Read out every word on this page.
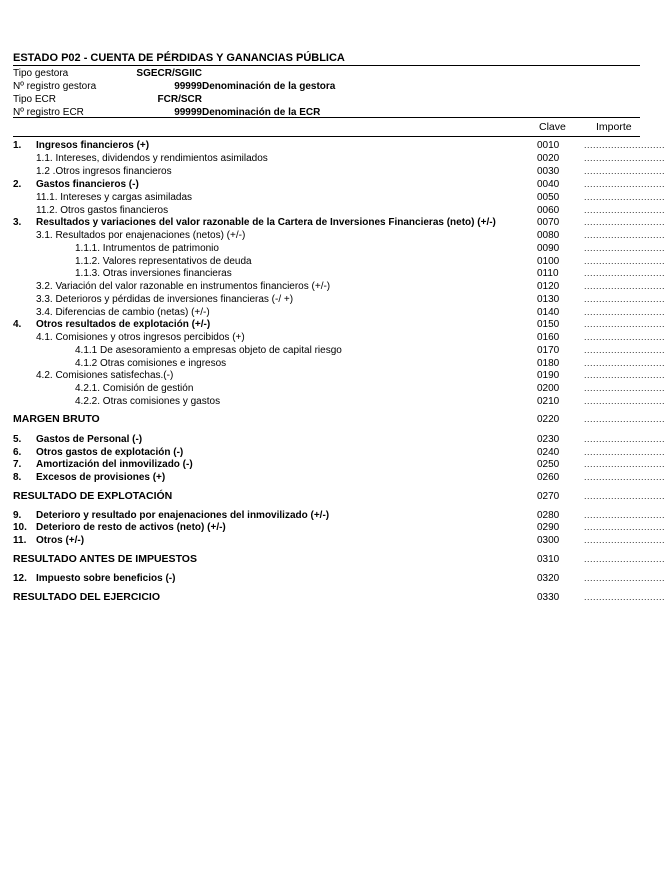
ESTADO P02 - CUENTA DE PÉRDIDAS Y GANANCIAS PÚBLICA
Tipo gestora	SGECR/SGIIC
Nº registro gestora	99999 Denominación de la gestora
Tipo ECR	FCR/SCR
Nº registro ECR	99999 Denominación de la ECR
Clave	Importe
1. Ingresos financieros (+)	0010	...........................
1.1. Intereses, dividendos y rendimientos asimilados	0020	...........................
1.2 .Otros ingresos financieros	0030	...........................
2. Gastos financieros (-)	0040	...........................
11.1. Intereses y cargas asimiladas	0050	...........................
11.2. Otros gastos financieros	0060	...........................
3. Resultados y variaciones del valor razonable de la Cartera de Inversiones Financieras (neto) (+/-)	0070	...........................
3.1. Resultados por enajenaciones (netos) (+/-)	0080	...........................
1.1.1. Intrumentos de patrimonio	0090	...........................
1.1.2. Valores representativos de deuda	0100	...........................
1.1.3. Otras inversiones financieras	0110	...........................
3.2. Variación del valor razonable en instrumentos financieros (+/-)	0120	...........................
3.3. Deterioros y pérdidas de inversiones financieras (-/ +)	0130	...........................
3.4. Diferencias de cambio (netas) (+/-)	0140	...........................
4. Otros resultados de explotación (+/-)	0150	...........................
4.1. Comisiones y otros ingresos percibidos (+)	0160	...........................
4.1.1 De asesoramiento a empresas objeto de capital riesgo	0170	...........................
4.1.2 Otras comisiones e ingresos	0180	...........................
4.2. Comisiones satisfechas.(-)	0190	...........................
4.2.1. Comisión de gestión	0200	...........................
4.2.2. Otras comisiones y gastos	0210	...........................
MARGEN BRUTO	0220	...........................
5. Gastos de Personal (-)	0230	...........................
6. Otros gastos de explotación (-)	0240	...........................
7. Amortización del inmovilizado (-)	0250	...........................
8. Excesos de provisiones (+)	0260	...........................
RESULTADO DE EXPLOTACIÓN	0270	...........................
9. Deterioro y resultado por enajenaciones del inmovilizado (+/-)	0280	...........................
10. Deterioro de resto de activos (neto) (+/-)	0290	...........................
11. Otros (+/-)	0300	...........................
RESULTADO ANTES DE IMPUESTOS	0310	...........................
12. Impuesto sobre beneficios (-)	0320	...........................
RESULTADO DEL EJERCICIO	0330	...........................
